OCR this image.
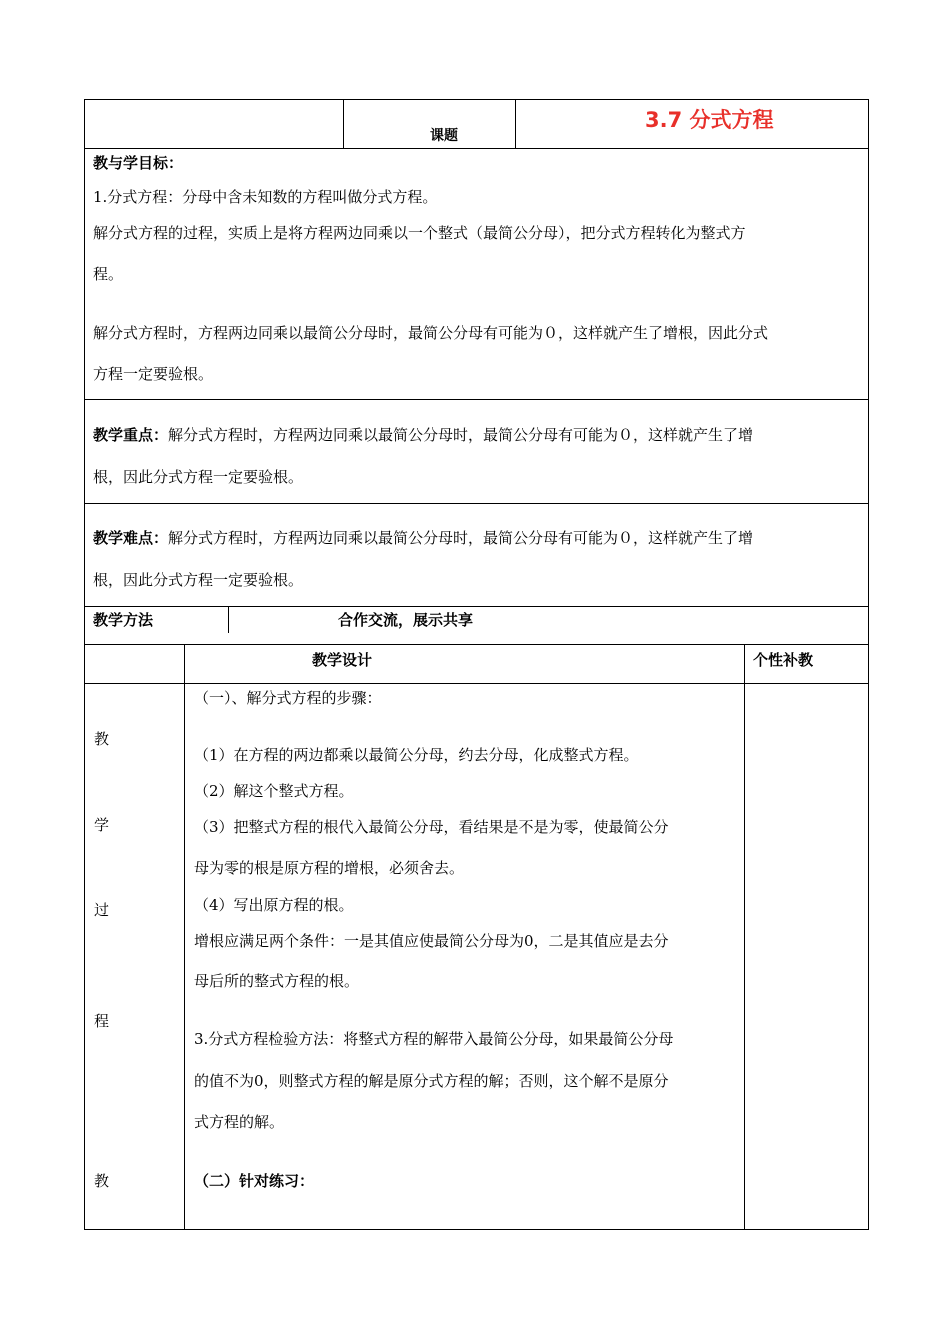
课题
3.7 分式方程
教与学目标：
1.分式方程：分母中含未知数的方程叫做分式方程。
解分式方程的过程，实质上是将方程两边同乘以一个整式（最简公分母），把分式方程转化为整式方
程。
解分式方程时，方程两边同乘以最简公分母时，最简公分母有可能为０，这样就产生了增根，因此分式
方程一定要验根。
教学重点：解分式方程时，方程两边同乘以最简公分母时，最简公分母有可能为０，这样就产生了增
根，因此分式方程一定要验根。
教学难点：解分式方程时，方程两边同乘以最简公分母时，最简公分母有可能为０，这样就产生了增
根，因此分式方程一定要验根。
教学方法	合作交流，展示共享
教学设计	个性补教
教
学
过
程
教
（一）、解分式方程的步骤：
（1）在方程的两边都乘以最简公分母，约去分母，化成整式方程。
（2）解这个整式方程。
（3）把整式方程的根代入最简公分母，看结果是不是为零，使最简公分
母为零的根是原方程的增根，必须舍去。
（4）写出原方程的根。
增根应满足两个条件：一是其值应使最简公分母为0，二是其值应是去分
母后所的整式方程的根。
3.分式方程检验方法：将整式方程的解带入最简公分母，如果最简公分母
的值不为0，则整式方程的解是原分式方程的解；否则，这个解不是原分
式方程的解。
（二）针对练习：
